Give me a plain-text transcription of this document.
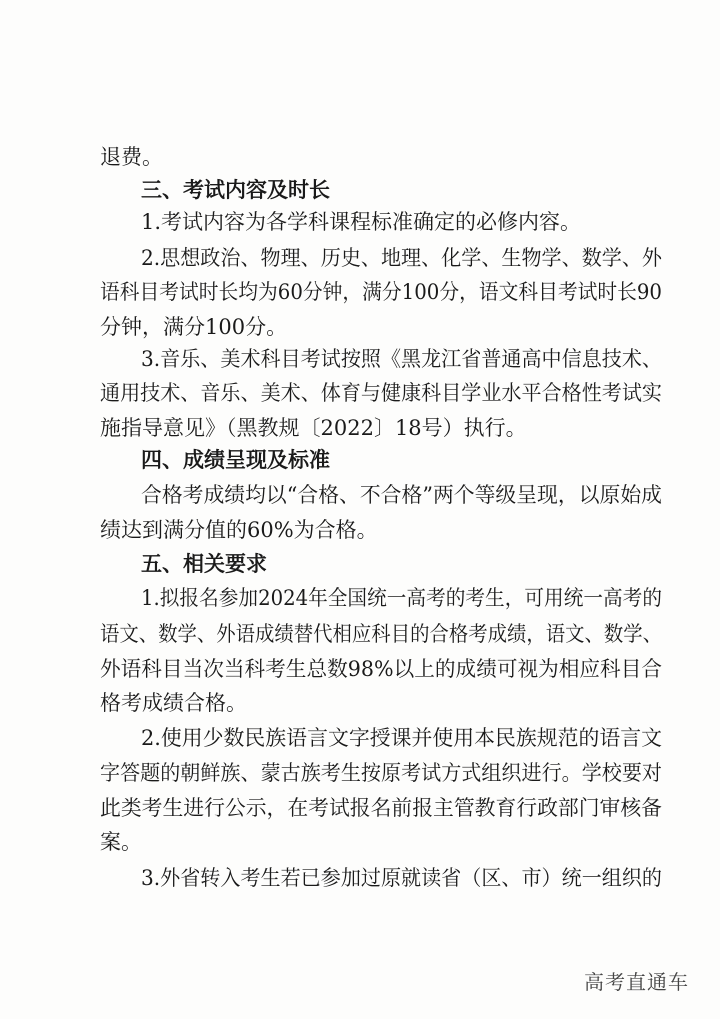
退费。
三、考试内容及时长
1.考试内容为各学科课程标准确定的必修内容。
2.思想政治、物理、历史、地理、化学、生物学、数学、外
语科目考试时长均为60分钟，满分100分，语文科目考试时长90
分钟，满分100分。
3.音乐、美术科目考试按照《黑龙江省普通高中信息技术、
通用技术、音乐、美术、体育与健康科目学业水平合格性考试实
施指导意见》（黑教规〔2022〕18号）执行。
四、成绩呈现及标准
合格考成绩均以“合格、不合格”两个等级呈现，以原始成
绩达到满分值的60%为合格。
五、相关要求
1.拟报名参加2024年全国统一高考的考生，可用统一高考的
语文、数学、外语成绩替代相应科目的合格考成绩，语文、数学、
外语科目当次当科考生总数98%以上的成绩可视为相应科目合
格考成绩合格。
2.使用少数民族语言文字授课并使用本民族规范的语言文
字答题的朝鲜族、蒙古族考生按原考试方式组织进行。学校要对
此类考生进行公示，在考试报名前报主管教育行政部门审核备
案。
3.外省转入考生若已参加过原就读省（区、市）统一组织的
高考直通车
